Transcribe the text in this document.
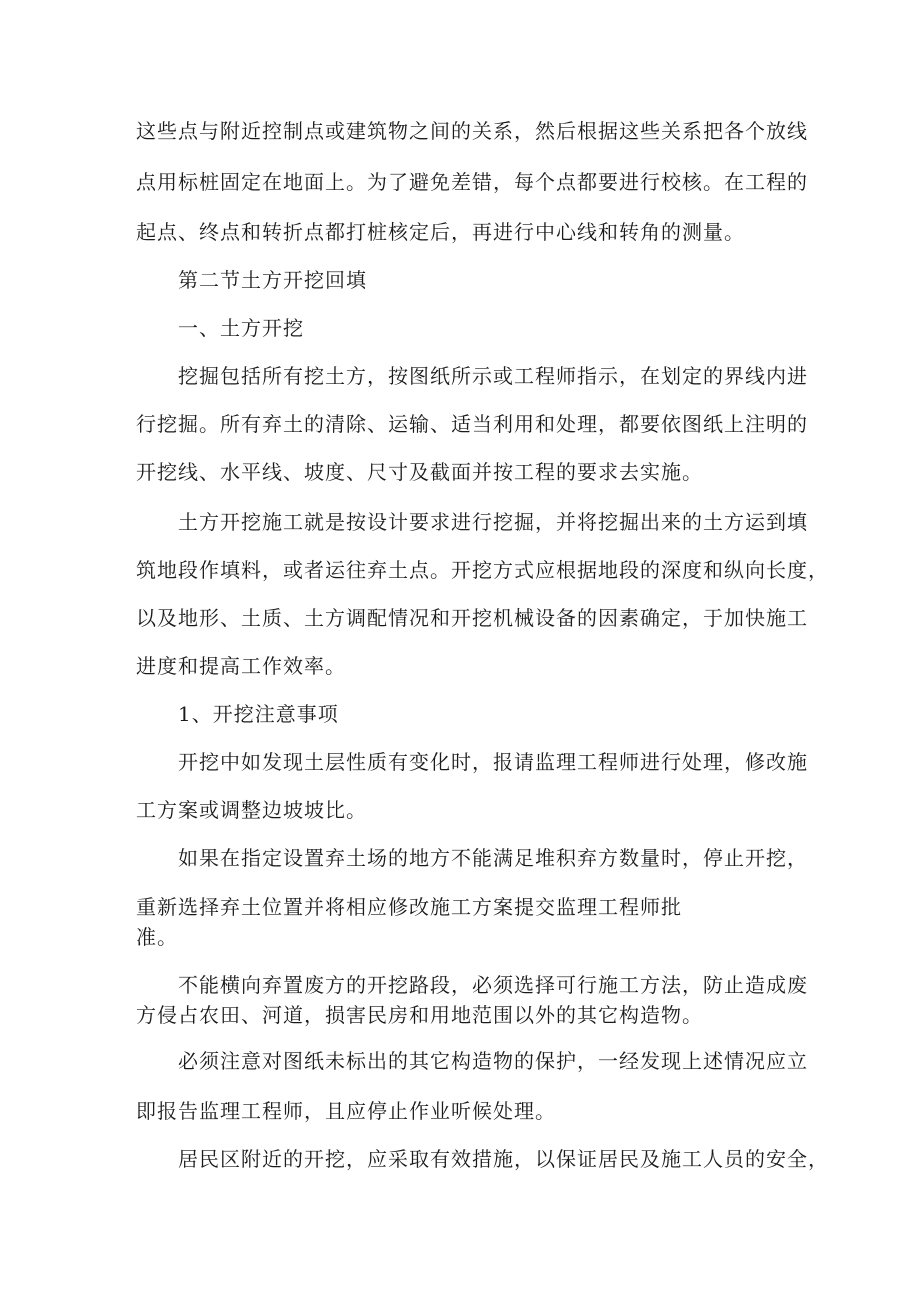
这些点与附近控制点或建筑物之间的关系，然后根据这些关系把各个放线
点用标桩固定在地面上。为了避免差错，每个点都要进行校核。在工程的
起点、终点和转折点都打桩核定后，再进行中心线和转角的测量。
第二节土方开挖回填
一、土方开挖
挖掘包括所有挖土方，按图纸所示或工程师指示，在划定的界线内进
行挖掘。所有弃土的清除、运输、适当利用和处理，都要依图纸上注明的
开挖线、水平线、坡度、尺寸及截面并按工程的要求去实施。
土方开挖施工就是按设计要求进行挖掘，并将挖掘出来的土方运到填
筑地段作填料，或者运往弃土点。开挖方式应根据地段的深度和纵向长度，
以及地形、土质、土方调配情况和开挖机械设备的因素确定，于加快施工
进度和提高工作效率。
1、开挖注意事项
开挖中如发现土层性质有变化时，报请监理工程师进行处理，修改施
工方案或调整边坡坡比。
如果在指定设置弃土场的地方不能满足堆积弃方数量时，停止开挖，
重新选择弃土位置并将相应修改施工方案提交监理工程师批
准。
不能横向弃置废方的开挖路段，必须选择可行施工方法，防止造成废
方侵占农田、河道，损害民房和用地范围以外的其它构造物。
必须注意对图纸未标出的其它构造物的保护，一经发现上述情况应立
即报告监理工程师，且应停止作业听候处理。
居民区附近的开挖，应采取有效措施，以保证居民及施工人员的安全，
